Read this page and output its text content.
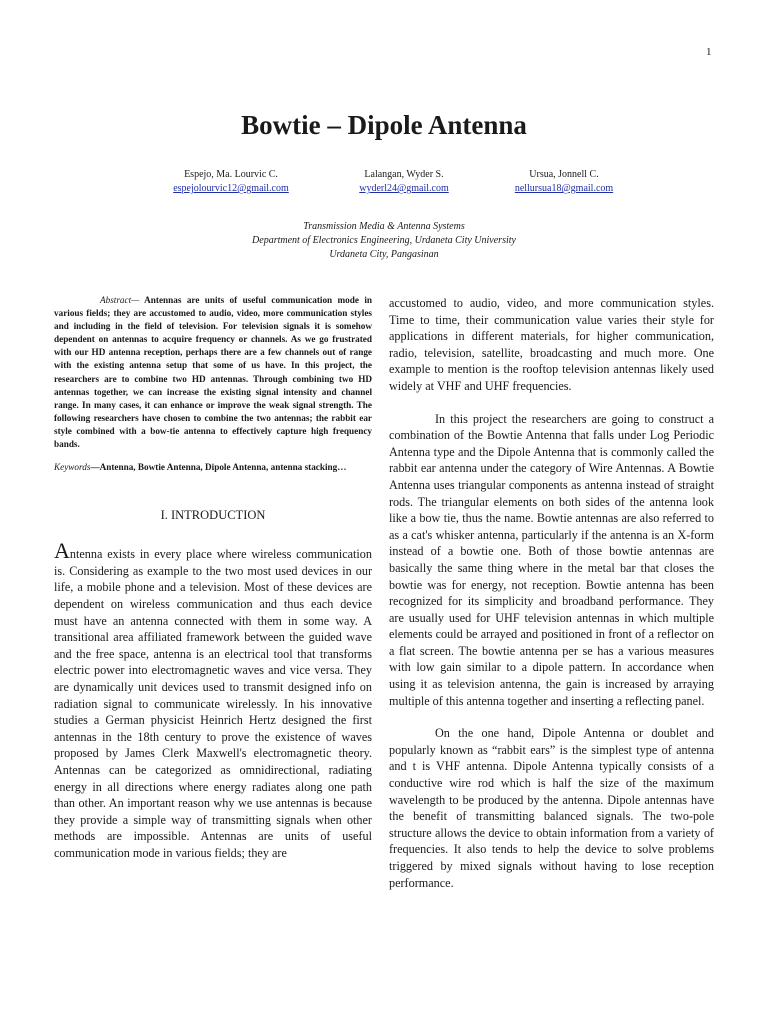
1
Bowtie – Dipole Antenna
Espejo, Ma. Lourvic C.
espejolourvic12@gmail.com
Lalangan, Wyder S.
wyderl24@gmail.com
Ursua, Jonnell C.
nellursua18@gmail.com
Transmission Media & Antenna Systems
Department of Electronics Engineering, Urdaneta City University
Urdaneta City, Pangasinan

Abstract— Antennas are units of useful communication mode in various fields; they are accustomed to audio, video, more communication styles and including in the field of television. For television signals it is somehow dependent on antennas to acquire frequency or channels. As we go frustrated with our HD antenna reception, perhaps there are a few channels out of range with the existing antenna setup that some of us have. In this project, the researchers are to combine two HD antennas. Through combining two HD antennas together, we can increase the existing signal intensity and channel range. In many cases, it can enhance or improve the weak signal strength. The following researchers have chosen to combine the two antennas; the rabbit ear style combined with a bow-tie antenna to effectively capture high frequency bands.

Keywords—Antenna, Bowtie Antenna, Dipole Antenna, antenna stacking…

I. INTRODUCTION

Antenna exists in every place where wireless communication is. Considering as example to the two most used devices in our life, a mobile phone and a television. Most of these devices are dependent on wireless communication and thus each device must have an antenna connected with them in some way. A transitional area affiliated framework between the guided wave and the free space, antenna is an electrical tool that transforms electric power into electromagnetic waves and vice versa. They are dynamically unit devices used to transmit designed info on radiation signal to communicate wirelessly. In his innovative studies a German physicist Heinrich Hertz designed the first antennas in the 18th century to prove the existence of waves proposed by James Clerk Maxwell's electromagnetic theory. Antennas can be categorized as omnidirectional, radiating energy in all directions where energy radiates along one path than other. An important reason why we use antennas is because they provide a simple way of transmitting signals when other methods are impossible. Antennas are units of useful communication mode in various fields; they are

accustomed to audio, video, and more communication styles. Time to time, their communication value varies their style for applications in different materials, for higher communication, radio, television, satellite, broadcasting and much more. One example to mention is the rooftop television antennas likely used widely at VHF and UHF frequencies.

In this project the researchers are going to construct a combination of the Bowtie Antenna that falls under Log Periodic Antenna type and the Dipole Antenna that is commonly called the rabbit ear antenna under the category of Wire Antennas. A Bowtie Antenna uses triangular components as antenna instead of straight rods. The triangular elements on both sides of the antenna look like a bow tie, thus the name. Bowtie antennas are also referred to as a cat's whisker antenna, particularly if the antenna is an X-form instead of a bowtie one. Both of those bowtie antennas are basically the same thing where in the metal bar that closes the bowtie was for energy, not reception. Bowtie antenna has been recognized for its simplicity and broadband performance. They are usually used for UHF television antennas in which multiple elements could be arrayed and positioned in front of a reflector on a flat screen. The bowtie antenna per se has a various measures with low gain similar to a dipole pattern. In accordance when using it as television antenna, the gain is increased by arraying multiple of this antenna together and inserting a reflecting panel.

On the one hand, Dipole Antenna or doublet and popularly known as “rabbit ears” is the simplest type of antenna and t is VHF antenna. Dipole Antenna typically consists of a conductive wire rod which is half the size of the maximum wavelength to be produced by the antenna. Dipole antennas have the benefit of transmitting balanced signals. The two-pole structure allows the device to obtain information from a variety of frequencies. It also tends to help the device to solve problems triggered by mixed signals without having to lose reception performance.
